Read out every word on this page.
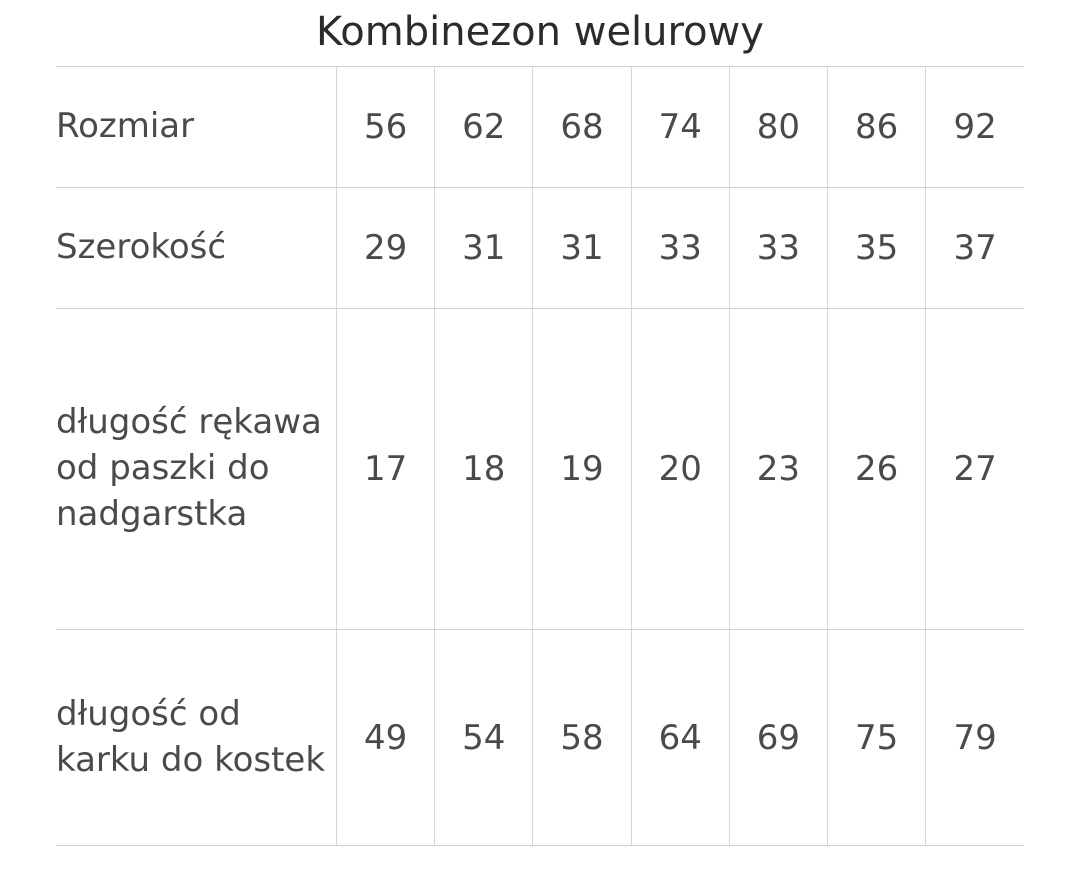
Kombinezon welurowy
Rozmiar	56	62	68	74	80	86	92
Szerokość	29	31	31	33	33	35	37
długość rękawa od paszki do nadgarstka	17	18	19	20	23	26	27
długość od karku do kostek	49	54	58	64	69	75	79
